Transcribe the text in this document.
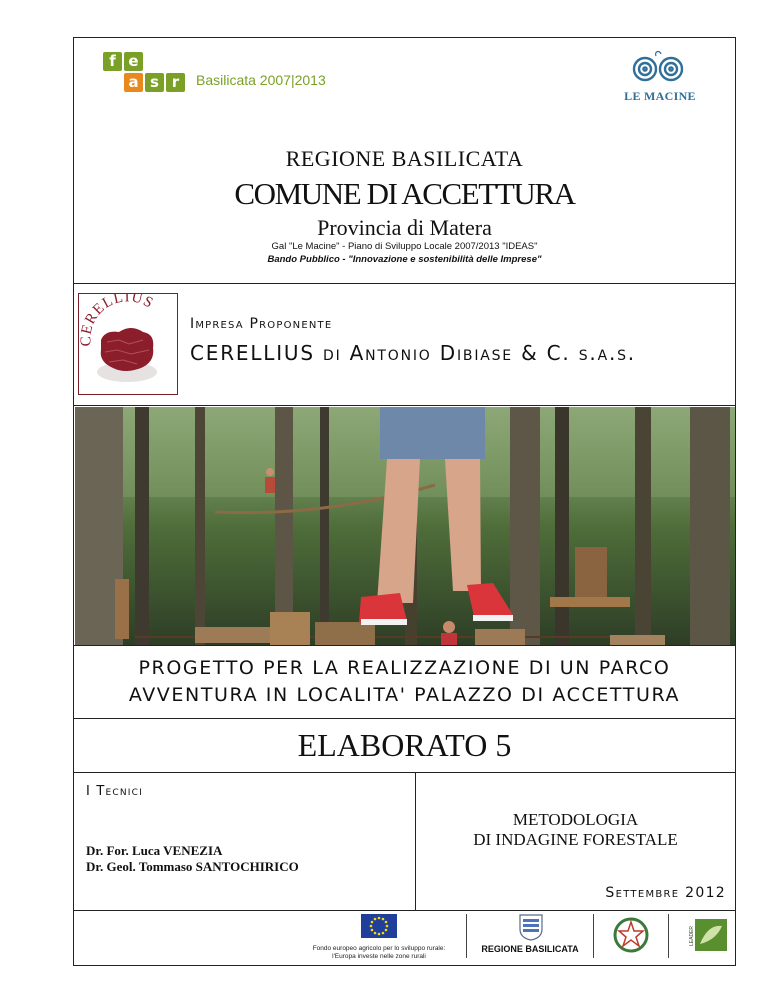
f e
a s r	Basilicata 2007|2013
LE MACINE
REGIONE BASILICATA
COMUNE DI ACCETTURA
Provincia di Matera
Gal "Le Macine" - Piano di Sviluppo Locale 2007/2013 "IDEAS"
Bando Pubblico - "Innovazione e sostenibilità delle Imprese"
CERELLIUS
Impresa Proponente
CERELLIUS di Antonio Dibiase & C. s.a.s.
PROGETTO PER LA REALIZZAZIONE DI UN PARCO
AVVENTURA IN LOCALITA' PALAZZO DI ACCETTURA
ELABORATO 5
I Tecnici
Dr. For. Luca VENEZIA
Dr. Geol. Tommaso SANTOCHIRICO
METODOLOGIA
DI INDAGINE FORESTALE
Settembre 2012
Fondo europeo agricolo per lo sviluppo rurale:
l'Europa investe nelle zone rurali
REGIONE BASILICATA
LEADER
